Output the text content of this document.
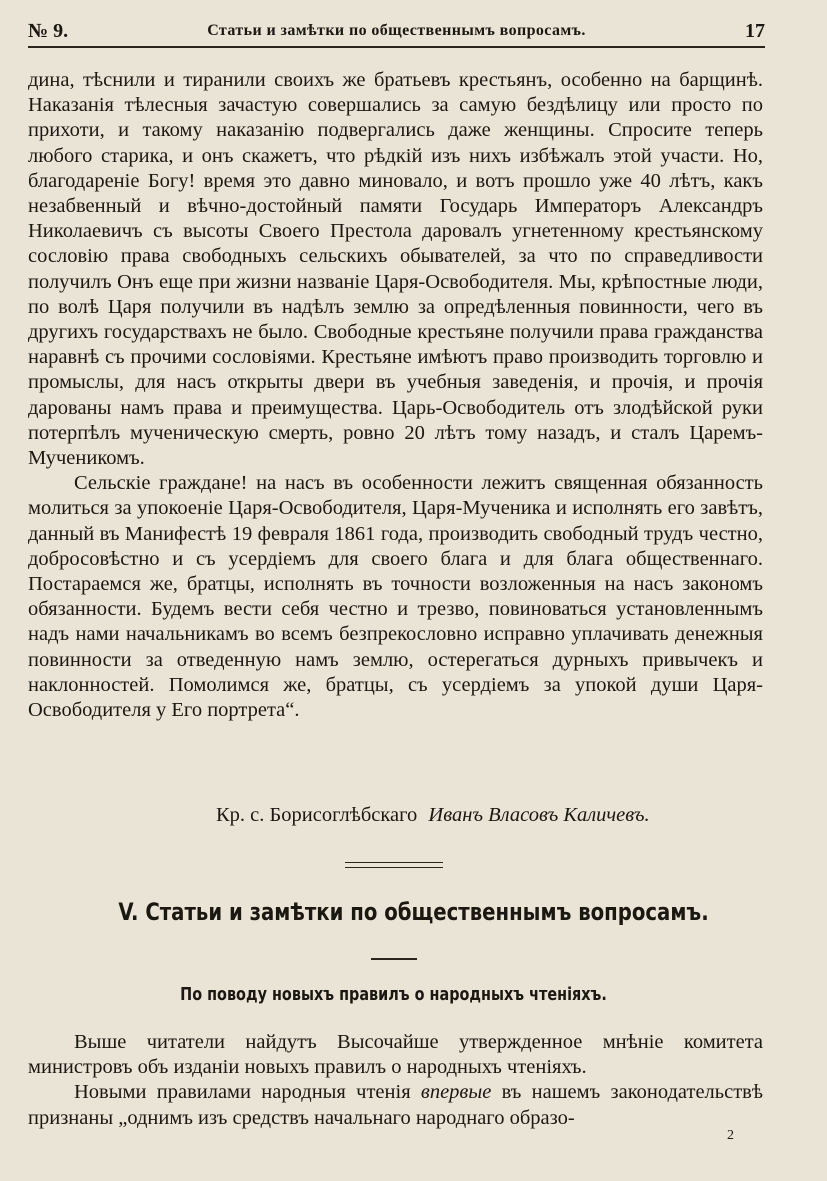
№ 9.	Статьи и замѣтки по общественнымъ вопросамъ.	17

дина, тѣснили и тиранили своихъ же братьевъ крестьянъ, особенно на барщинѣ. Наказанія тѣлесныя зачастую совершались за самую бездѣлицу или просто по прихоти, и такому наказанію подвергались даже женщины. Спросите теперь любого старика, и онъ скажетъ, что рѣдкій изъ нихъ избѣжалъ этой участи. Но, благодареніе Богу! время это давно миновало, и вотъ прошло уже 40 лѣтъ, какъ незабвенный и вѣчно-достойный памяти Государь Императоръ Александръ Николаевичъ съ высоты Своего Престола даровалъ угнетенному крестьянскому сословію права свободныхъ сельскихъ обывателей, за что по справедливости получилъ Онъ еще при жизни названіе Царя-Освободителя. Мы, крѣпостные люди, по волѣ Царя получили въ надѣлъ землю за опредѣленныя повинности, чего въ другихъ государствахъ не было. Свободные крестьяне получили права гражданства наравнѣ съ прочими сословіями. Крестьяне имѣютъ право производить торговлю и промыслы, для насъ открыты двери въ учебныя заведенія, и прочія, и прочія дарованы намъ права и преимущества. Царь-Освободитель отъ злодѣйской руки потерпѣлъ мученическую смерть, ровно 20 лѣтъ тому назадъ, и сталъ Царемъ-Мученикомъ.

Сельскіе граждане! на насъ въ особенности лежитъ священная обязанность молиться за упокоеніе Царя-Освободителя, Царя-Мученика и исполнять его завѣтъ, данный въ Манифестѣ 19 февраля 1861 года, производить свободный трудъ честно, добросовѣстно и съ усердіемъ для своего блага и для блага общественнаго. Постараемся же, братцы, исполнять въ точности возложенныя на насъ закономъ обязанности. Будемъ вести себя честно и трезво, повиноваться установленнымъ надъ нами начальникамъ во всемъ безпрекословно исправно уплачивать денежныя повинности за отведенную намъ землю, остерегаться дурныхъ привычекъ и наклонностей. Помолимся же, братцы, съ усердіемъ за упокой души Царя-Освободителя у Его портрета“.

Кр. с. Борисоглѣбскаго Иванъ Власовъ Каличевъ.
V. Статьи и замѣтки по общественнымъ вопросамъ.
По поводу новыхъ правилъ о народныхъ чтеніяхъ.

Выше читатели найдутъ Высочайше утвержденное мнѣніе комитета министровъ объ изданіи новыхъ правилъ о народныхъ чтеніяхъ.

Новыми правилами народныя чтенія впервые въ нашемъ законодательствѣ признаны „однимъ изъ средствъ начальнаго народнаго образо-

2
